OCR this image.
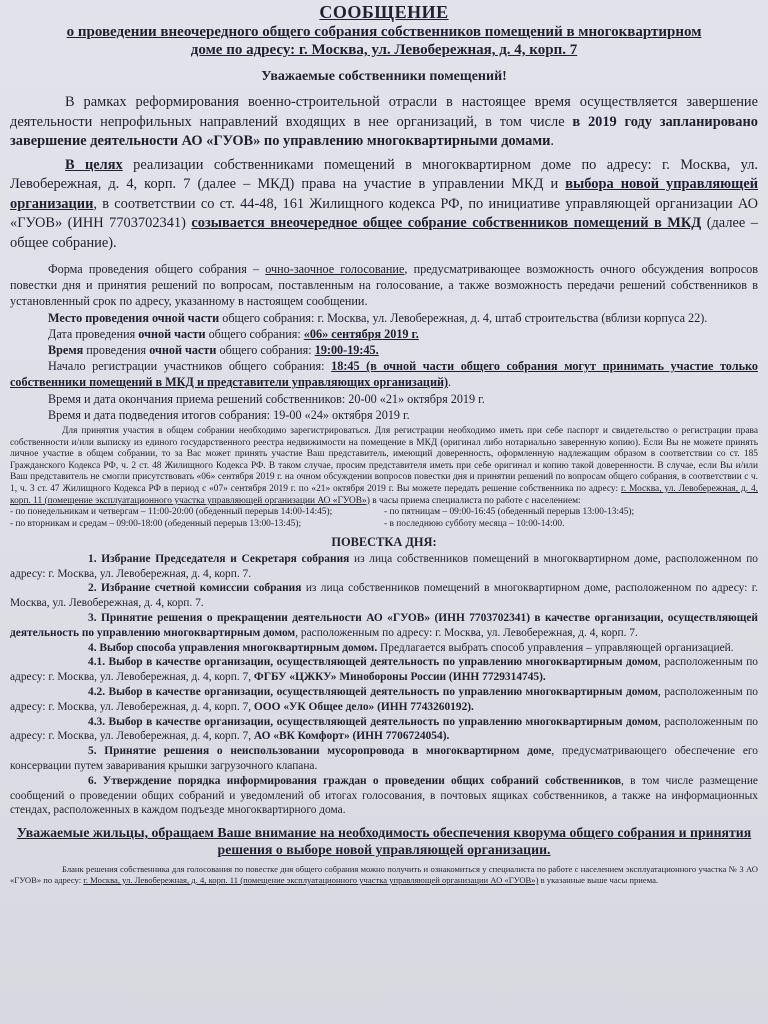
СООБЩЕНИЕ
о проведении внеочередного общего собрания собственников помещений в многоквартирном
доме по адресу: г. Москва, ул. Левобережная, д. 4, корп. 7
Уважаемые собственники помещений!

В рамках реформирования военно-строительной отрасли в настоящее время осуществляется завершение деятельности непрофильных направлений входящих в нее организаций, в том числе в 2019 году запланировано завершение деятельности АО «ГУОВ» по управлению многоквартирными домами.

В целях реализации собственниками помещений в многоквартирном доме по адресу: г. Москва, ул. Левобережная, д. 4, корп. 7 (далее – МКД) права на участие в управлении МКД и выбора новой управляющей организации, в соответствии со ст. 44-48, 161 Жилищного кодекса РФ, по инициативе управляющей организации АО «ГУОВ» (ИНН 7703702341) созывается внеочередное общее собрание собственников помещений в МКД (далее – общее собрание).

Форма проведения общего собрания – очно-заочное голосование, предусматривающее возможность очного обсуждения вопросов повестки дня и принятия решений по вопросам, поставленным на голосование, а также возможность передачи решений собственников в установленный срок по адресу, указанному в настоящем сообщении.

Место проведения очной части общего собрания: г. Москва, ул. Левобережная, д. 4, штаб строительства (вблизи корпуса 22).

Дата проведения очной части общего собрания: «06» сентября 2019 г.

Время проведения очной части общего собрания: 19:00-19:45.

Начало регистрации участников общего собрания: 18:45 (в очной части общего собрания могут принимать участие только собственники помещений в МКД и представители управляющих организаций).

Время и дата окончания приема решений собственников: 20-00 «21» октября 2019 г.

Время и дата подведения итогов собрания: 19-00 «24» октября 2019 г.

Для принятия участия в общем собрании необходимо зарегистрироваться. Для регистрации необходимо иметь при себе паспорт и свидетельство о регистрации права собственности и/или выписку из единого государственного реестра недвижимости на помещение в МКД (оригинал либо нотариально заверенную копию). Если Вы не можете принять личное участие в общем собрании, то за Вас может принять участие Ваш представитель, имеющий доверенность, оформленную надлежащим образом в соответствии со ст. 185 Гражданского Кодекса РФ, ч. 2 ст. 48 Жилищного Кодекса РФ. В таком случае, просим представителя иметь при себе оригинал и копию такой доверенности. В случае, если Вы и/или Ваш представитель не смогли присутствовать «06» сентября 2019 г. на очном обсуждении вопросов повестки дня и принятии решений по вопросам общего собрания, в соответствии с ч. 1, ч. 3 ст. 47 Жилищного Кодекса РФ в период с «07» сентября 2019 г. по «21» октября 2019 г. Вы можете передать решение собственника по адресу: г. Москва, ул. Левобережная, д. 4, корп. 11 (помещение эксплуатационного участка управляющей организации АО «ГУОВ») в часы приема специалиста по работе с населением:

- по понедельникам и четвергам – 11:00-20:00 (обеденный перерыв 14:00-14:45);
- по вторникам и средам – 09:00-18:00 (обеденный перерыв 13:00-13:45);
- по пятницам – 09:00-16:45 (обеденный перерыв 13:00-13:45);
- в последнюю субботу месяца – 10:00-14:00.
ПОВЕСТКА ДНЯ:

1. Избрание Председателя и Секретаря собрания из лица собственников помещений в многоквартирном доме, расположенном по адресу: г. Москва, ул. Левобережная, д. 4, корп. 7.

2. Избрание счетной комиссии собрания из лица собственников помещений в многоквартирном доме, расположенном по адресу: г. Москва, ул. Левобережная, д. 4, корп. 7.

3. Принятие решения о прекращении деятельности АО «ГУОВ» (ИНН 7703702341) в качестве организации, осуществляющей деятельность по управлению многоквартирным домом, расположенным по адресу: г. Москва, ул. Левобережная, д. 4, корп. 7.

4. Выбор способа управления многоквартирным домом. Предлагается выбрать способ управления – управляющей организацией.

4.1. Выбор в качестве организации, осуществляющей деятельность по управлению многоквартирным домом, расположенным по адресу: г. Москва, ул. Левобережная, д. 4, корп. 7, ФГБУ «ЦЖКУ» Минобороны России (ИНН 7729314745).

4.2. Выбор в качестве организации, осуществляющей деятельность по управлению многоквартирным домом, расположенным по адресу: г. Москва, ул. Левобережная, д. 4, корп. 7, ООО «УК Общее дело» (ИНН 7743260192).

4.3. Выбор в качестве организации, осуществляющей деятельность по управлению многоквартирным домом, расположенным по адресу: г. Москва, ул. Левобережная, д. 4, корп. 7, АО «ВК Комфорт» (ИНН 7706724054).

5. Принятие решения о неиспользовании мусоропровода в многоквартирном доме, предусматривающего обеспечение его консервации путем заваривания крышки загрузочного клапана.

6. Утверждение порядка информирования граждан о проведении общих собраний собственников, в том числе размещение сообщений о проведении общих собраний и уведомлений об итогах голосования, в почтовых ящиках собственников, а также на информационных стендах, расположенных в каждом подъезде многоквартирного дома.

Уважаемые жильцы, обращаем Ваше внимание на необходимость обеспечения кворума общего собрания и принятия решения о выборе новой управляющей организации.

Бланк решения собственника для голосования по повестке дня общего собрания можно получить и ознакомиться у специалиста по работе с населением эксплуатационного участка № 3 АО «ГУОВ» по адресу: г. Москва, ул. Левобережная, д. 4, корп. 11 (помещение эксплуатационного участка управляющей организации АО «ГУОВ») в указанные выше часы приема.
